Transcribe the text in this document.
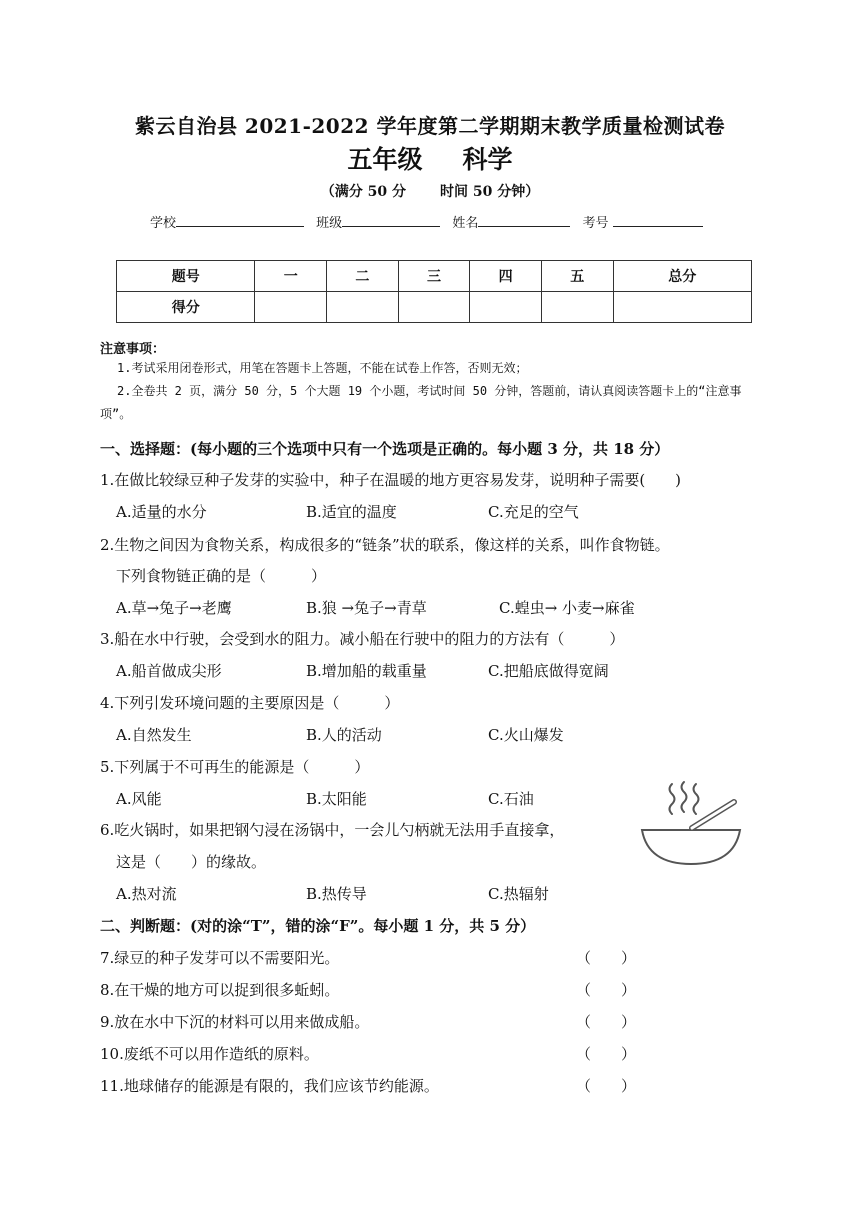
紫云自治县 2021-2022 学年度第二学期期末教学质量检测试卷
五年级 科学
（满分 50 分 时间 50 分钟）
学校	班级	姓名	考号
题号	一	二	三	四	五	总分
得分						
注意事项：
1.考试采用闭卷形式，用笔在答题卡上答题，不能在试卷上作答，否则无效；
2.全卷共 2 页，满分 50 分，5 个大题 19 个小题，考试时间 50 分钟，答题前，请认真阅读答题卡上的“注意事项”。
一、选择题：(每小题的三个选项中只有一个选项是正确的。每小题 3 分，共 18 分）
1.在做比较绿豆种子发芽的实验中，种子在温暖的地方更容易发芽，说明种子需要(　　)
A.适量的水分	B.适宜的温度	C.充足的空气
2.生物之间因为食物关系，构成很多的“链条”状的联系，像这样的关系，叫作食物链。
下列食物链正确的是（　　　）
A.草→兔子→老鹰	B.狼 →兔子→青草	C.蝗虫→ 小麦→麻雀
3.船在水中行驶，会受到水的阻力。减小船在行驶中的阻力的方法有（　　　）
A.船首做成尖形	B.增加船的载重量	C.把船底做得宽阔
4.下列引发环境问题的主要原因是（　　　）
A.自然发生	B.人的活动	C.火山爆发
5.下列属于不可再生的能源是（　　　）
A.风能	B.太阳能	C.石油
6.吃火锅时，如果把钢勺浸在汤锅中，一会儿勺柄就无法用手直接拿，
这是（　　）的缘故。
A.热对流	B.热传导	C.热辐射
二、判断题：(对的涂“T”，错的涂“F”。每小题 1 分，共 5 分）
7.绿豆的种子发芽可以不需要阳光。	（　　）
8.在干燥的地方可以捉到很多蚯蚓。	（　　）
9.放在水中下沉的材料可以用来做成船。	（　　）
10.废纸不可以用作造纸的原料。	（　　）
11.地球储存的能源是有限的，我们应该节约能源。	（　　）
